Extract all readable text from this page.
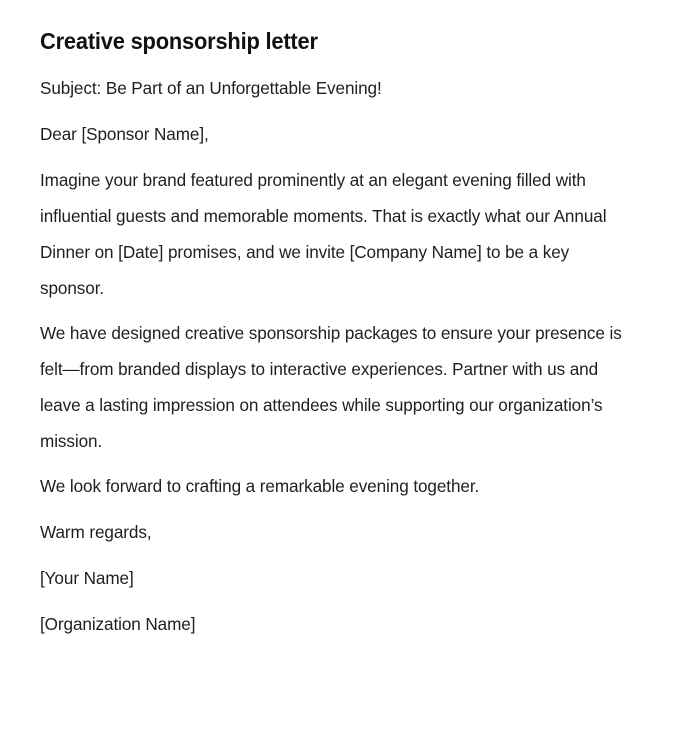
Creative sponsorship letter

Subject: Be Part of an Unforgettable Evening!

Dear [Sponsor Name],

Imagine your brand featured prominently at an elegant evening filled with influential guests and memorable moments. That is exactly what our Annual Dinner on [Date] promises, and we invite [Company Name] to be a key sponsor.

We have designed creative sponsorship packages to ensure your presence is felt—from branded displays to interactive experiences. Partner with us and leave a lasting impression on attendees while supporting our organization’s mission.

We look forward to crafting a remarkable evening together.

Warm regards,

[Your Name]

[Organization Name]
